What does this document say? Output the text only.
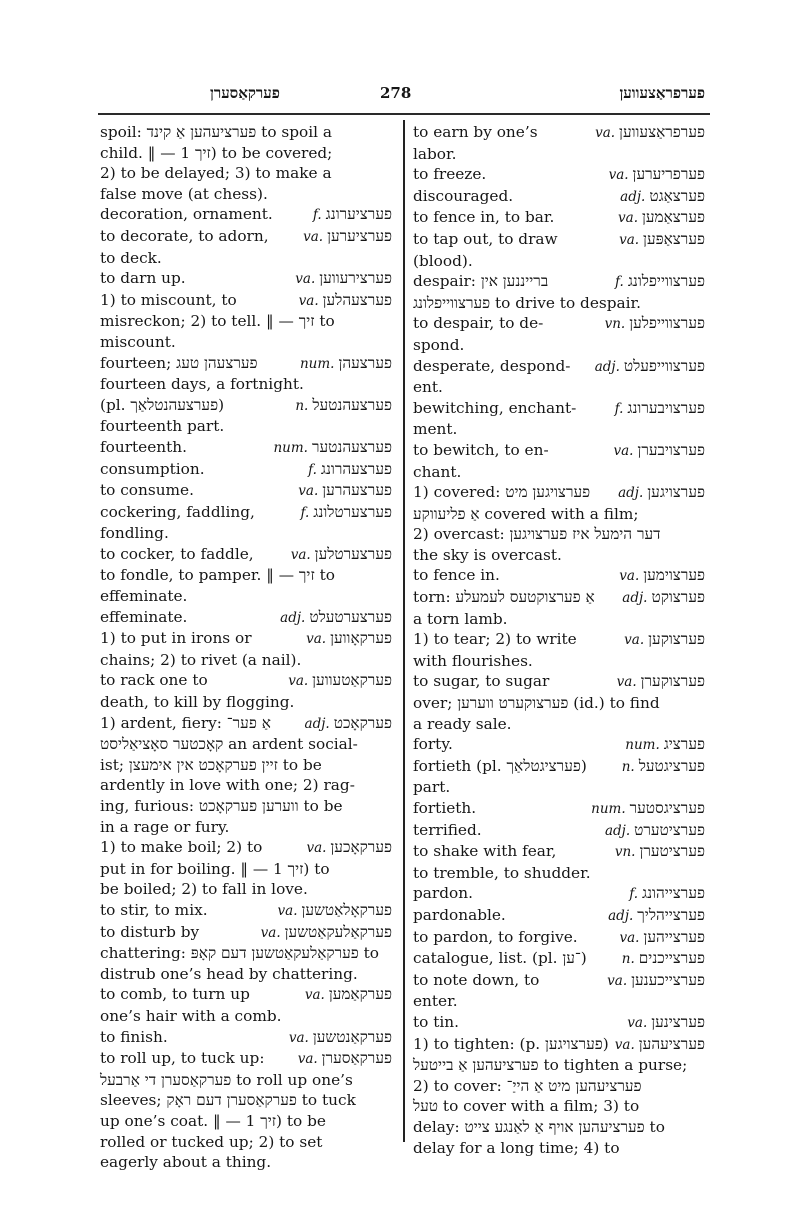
פערקאַסערן	278	פערפראַצעווען
spoil: פערציעהען אַ קינד to spoil a
child. ‖ — זיך 1) to be covered;
2) to be delayed; 3) to make a
false move (at chess).
decoration, ornament.	f. פערציערונג
to decorate, to adorn,	va. פערציערען
to deck.
to darn up.	va. פערצירעווען
1) to miscount, to	va. פערצעהלען
misreckon; 2) to tell. ‖ — זיך to
miscount.
fourteen; פערצעהן טעג	num. פערצעהן
fourteen days, a fortnight.
(pl. פערצעהנטלאַך)	n. פערצעהנטעל
fourteenth part.
fourteenth.	num. פערצעהנטער
consumption.	f. פערצעהרונג
to consume.	va. פערצעהרען
cockering, faddling,	f. פערצערטלונג
fondling.
to cocker, to faddle,	va. פערצערטלען
to fondle, to pamper. ‖ — זיך to
effeminate.
effeminate.	adj. פערצערטעלט
1) to put in irons or	va. פערקאָווען
chains; 2) to rivet (a nail).
to rack one to	va. פערקאַטעווען
death, to kill by flogging.
1) ardent, fiery: אַ פער־ adj. פערקאָכט
קאָכטער סאָציאַליסט an ardent social-
ist; זיין פערקאָכט אין אימעצן to be
ardently in love with one; 2) rag-
ing, furious: ווערען פערקאָכט to be
in a rage or fury.
1) to make boil; 2) to	va. פערקאָכען
put in for boiling. ‖ — זיך 1) to
be boiled; 2) to fall in love.
to stir, to mix.	va. פערקאָלאַטשען
to disturb by	va. פערקאַלעקאַטשען
chattering: פערקאַלעקאַטשען דעם קאָפּ to
distrub one’s head by chattering.
to comb, to turn up	va. פערקאַמען
one’s hair with a comb.
to finish.	va. פערקאַנטשען
to roll up, to tuck up: va. פערקאַסערן
פערקאַסערן די אַרבעל to roll up one’s
sleeves; פערקאַסערן דעם ראָק to tuck
up one’s coat. ‖ — זיך 1) to be
rolled or tucked up; 2) to set
eagerly about a thing.
to earn by one’s	va. פערפראַצעווען
labor.
to freeze.	va. פערפריערען
discouraged.	adj. פערצאַגט
to fence in, to bar.	va. פערצאַמען
to tap out, to draw	va. פערצאַפּען
(blood).
despair: ברייננען אין	f. פערצווייפלונג
פערצווייפלונג to drive to despair.
to despair, to de-	vn. פערצווייפלען
spond.
desperate, despond- adj. פערצווייפעלט
ent.
bewitching, enchant-	f. פערצויבערונג
ment.
to bewitch, to en-	va. פערצויבערן
chant.
1) covered: פערצויגען מיט adj. פערצויגען
אַ פליעווקע covered with a film;
2) overcast: דער הימעל איז פערצויגען
the sky is overcast.
to fence in.	va. פערצוימען
torn: אַ פערצוקטעס לעמעלע adj. פערצוקט
a torn lamb.
1) to tear; 2) to write	va. פערצוקען
with flourishes.
to sugar, to sugar	va. פערצוקערן
over; פערצוקערט ווערען (id.) to find
a ready sale.
forty.	num. פערציג
fortieth (pl. פערציגטלאַך)	n. פערציגטעל
part.
fortieth.	num. פערציגסטער
terrified.	adj. פערציטערט
to shake with fear,	vn. פערציטערן
to tremble, to shudder.
pardon.	f. פערצייהונג
pardonable.	adj. פערצייהליך
to pardon, to forgive.	va. פערצייהען
catalogue, list. (pl. ־ען)	n. פערצייכנים
to note down, to	va. פערצייכענען
enter.
to tin.	va. פערצינען
1) to tighten: (p. פערצויגען) va. פערציעהען
פערציעהען אַ בייטעל to tighten a purse;
2) to cover: פערציעהען מיט אַ הייַ־
טעל to cover with a film; 3) to
delay: פערציעהען אויף אַ לאַנגע צייט to
delay for a long time; 4) to
